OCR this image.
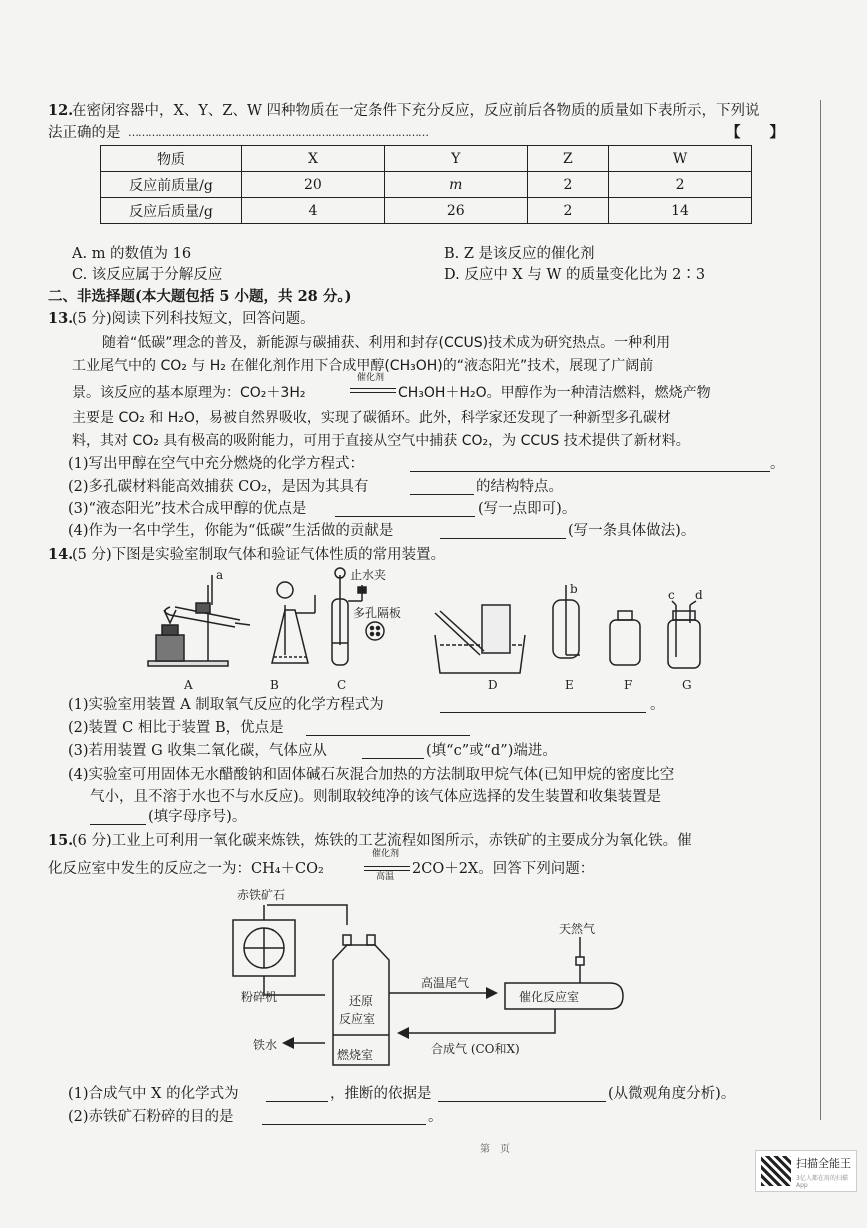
12.
在密闭容器中，X、Y、Z、W 四种物质在一定条件下充分反应，反应前后各物质的质量如下表所示，下列说
法正确的是 ………………………………………………………………………………	【　　】
物质	X	Y	Z	W
反应前质量/g	20	m	2	2
反应后质量/g	4	26	2	14
A. m 的数值为 16	B. Z 是该反应的催化剂
C. 该反应属于分解反应	D. 反应中 X 与 W 的质量变化比为 2∶3
二、非选择题(本大题包括 5 小题，共 28 分。)
13.
(5 分)阅读下列科技短文，回答问题。
随着“低碳”理念的普及，新能源与碳捕获、利用和封存(CCUS)技术成为研究热点。一种利用
工业尾气中的 CO₂ 与 H₂ 在催化剂作用下合成甲醇(CH₃OH)的“液态阳光”技术，展现了广阔前
景。该反应的基本原理为：CO₂＋3H₂
催化剂
CH₃OH＋H₂O。甲醇作为一种清洁燃料，燃烧产物
主要是 CO₂ 和 H₂O，易被自然界吸收，实现了碳循环。此外，科学家还发现了一种新型多孔碳材
料，其对 CO₂ 具有极高的吸附能力，可用于直接从空气中捕获 CO₂，为 CCUS 技术提供了新材料。
(1)写出甲醇在空气中充分燃烧的化学方程式：	。
(2)多孔碳材料能高效捕获 CO₂，是因为其具有	的结构特点。
(3)“液态阳光”技术合成甲醇的优点是	(写一点即可)。
(4)作为一名中学生，你能为“低碳”生活做的贡献是	(写一条具体做法)。
14.
(5 分)下图是实验室制取气体和验证气体性质的常用装置。
a	止水夹
多孔隔板
b	c d
A	B	C	D	E	F	G
(1)实验室用装置 A 制取氧气反应的化学方程式为	。
(2)装置 C 相比于装置 B，优点是
(3)若用装置 G 收集二氧化碳，气体应从	(填“c”或“d”)端进。
(4)实验室可用固体无水醋酸钠和固体碱石灰混合加热的方法制取甲烷气体(已知甲烷的密度比空
气小，且不溶于水也不与水反应)。则制取较纯净的该气体应选择的发生装置和收集装置是
(填字母序号)。
15.
(6 分)工业上可利用一氧化碳来炼铁，炼铁的工艺流程如图所示，赤铁矿的主要成分为氧化铁。催
化反应室中发生的反应之一为：CH₄＋CO₂
催化剂
高温 2CO＋2X。回答下列问题：
赤铁矿石
粉碎机	还原
反应室
燃烧室
铁水
高温尾气
天然气
催化反应室
合成气 (CO和X)
(1)合成气中 X 的化学式为	，推断的依据是	(从微观角度分析)。
(2)赤铁矿石粉碎的目的是	。
第　页
扫描全能王
3亿人都在用的扫描App
